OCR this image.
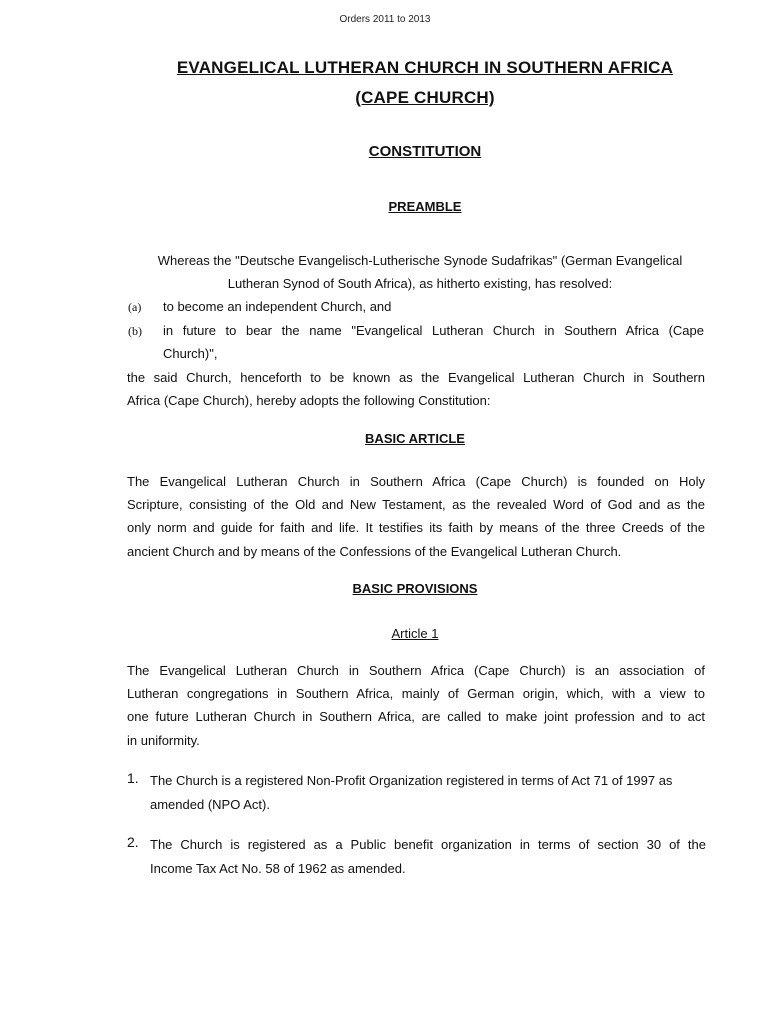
Orders 2011 to 2013
EVANGELICAL LUTHERAN CHURCH IN SOUTHERN AFRICA
(CAPE CHURCH)
CONSTITUTION
PREAMBLE
Whereas the "Deutsche Evangelisch-Lutherische Synode Sudafrikas" (German Evangelical
Lutheran Synod of South Africa), as hitherto existing, has resolved:
(a) to become an independent Church, and
(b) in future to bear the name "Evangelical Lutheran Church in Southern Africa (Cape
Church)",
the said Church, henceforth to be known as the Evangelical Lutheran Church in Southern
Africa (Cape Church), hereby adopts the following Constitution:
BASIC ARTICLE
The Evangelical Lutheran Church in Southern Africa (Cape Church) is founded on Holy
Scripture, consisting of the Old and New Testament, as the revealed Word of God and as the
only norm and guide for faith and life. It testifies its faith by means of the three Creeds of the
ancient Church and by means of the Confessions of the Evangelical Lutheran Church.
BASIC PROVISIONS
Article 1
The Evangelical Lutheran Church in Southern Africa (Cape Church) is an association of
Lutheran congregations in Southern Africa, mainly of German origin, which, with a view to
one future Lutheran Church in Southern Africa, are called to make joint profession and to act
in uniformity.
1. The Church is a registered Non-Profit Organization registered in terms of Act 71 of 1997 as
amended (NPO Act).
2. The Church is registered as a Public benefit organization in terms of section 30 of the
Income Tax Act No. 58 of 1962 as amended.
